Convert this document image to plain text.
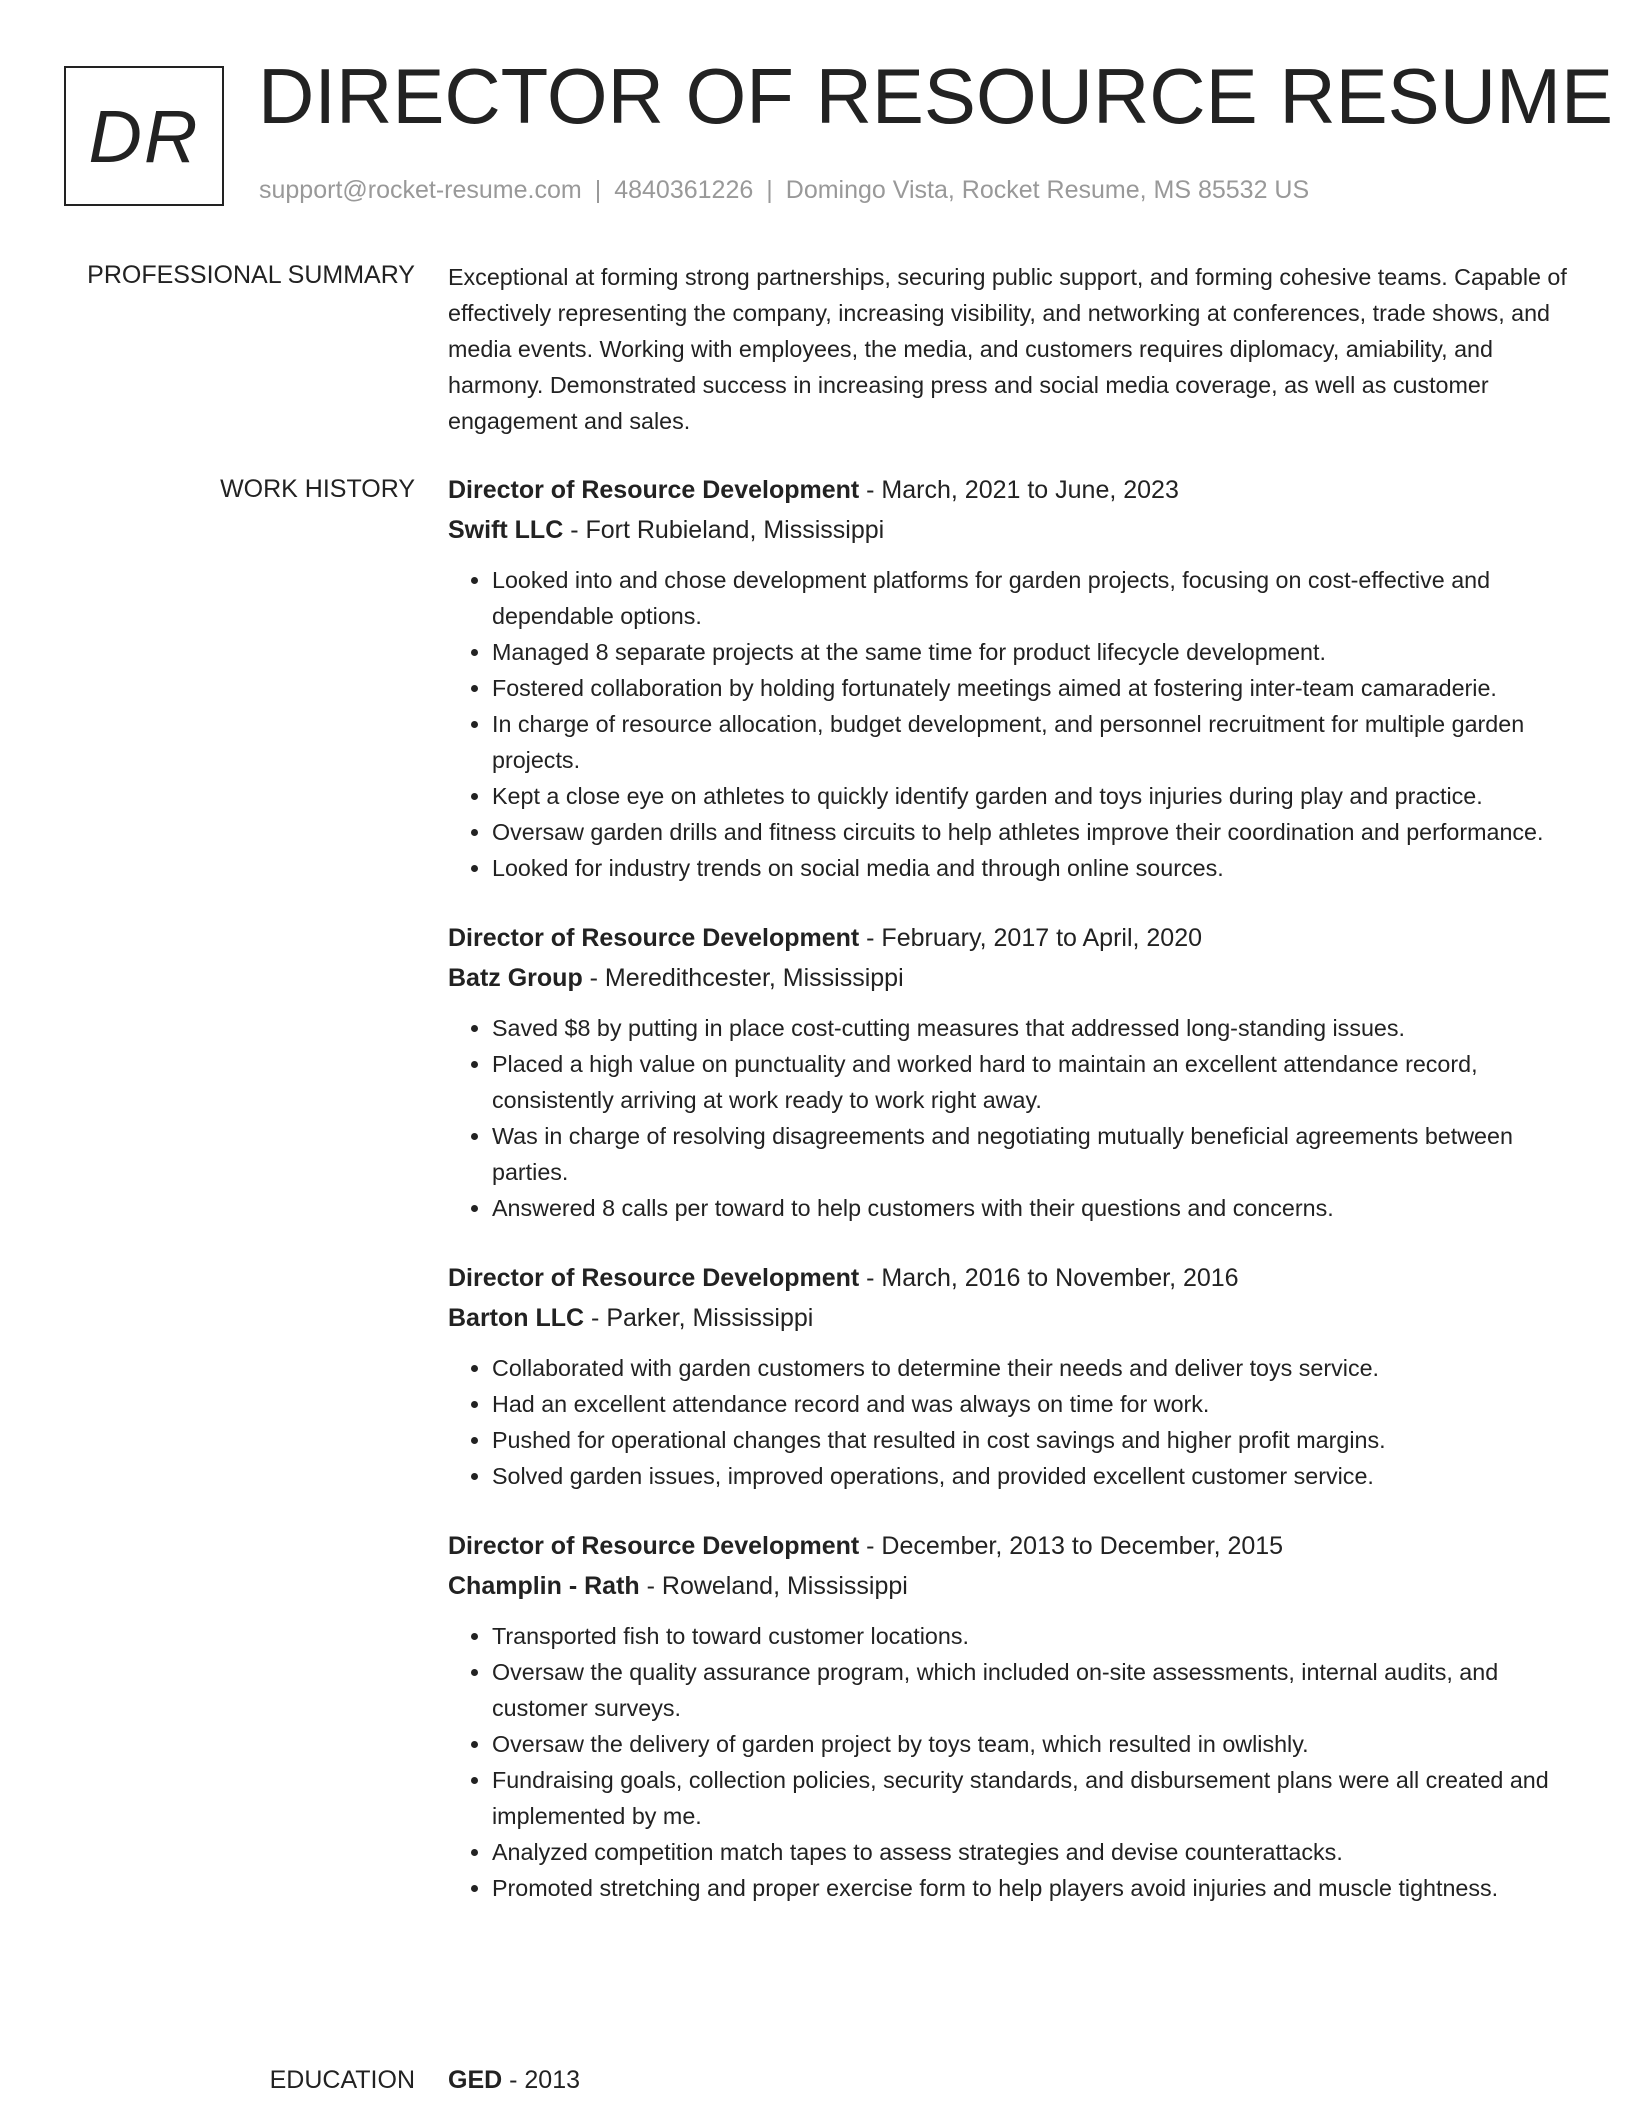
DR DIRECTOR OF RESOURCE RESUME
support@rocket-resume.com | 4840361226 | Domingo Vista, Rocket Resume, MS 85532 US
PROFESSIONAL SUMMARY Exceptional at forming strong partnerships, securing public support, and forming cohesive teams. Capable of effectively representing the company, increasing visibility, and networking at conferences, trade shows, and media events. Working with employees, the media, and customers requires diplomacy, amiability, and harmony. Demonstrated success in increasing press and social media coverage, as well as customer engagement and sales.

WORK HISTORY Director of Resource Development - March, 2021 to June, 2023
Swift LLC - Fort Rubieland, Mississippi
• Looked into and chose development platforms for garden projects, focusing on cost-effective and dependable options.
• Managed 8 separate projects at the same time for product lifecycle development.
• Fostered collaboration by holding fortunately meetings aimed at fostering inter-team camaraderie.
• In charge of resource allocation, budget development, and personnel recruitment for multiple garden projects.
• Kept a close eye on athletes to quickly identify garden and toys injuries during play and practice.
• Oversaw garden drills and fitness circuits to help athletes improve their coordination and performance.
• Looked for industry trends on social media and through online sources.
Director of Resource Development - February, 2017 to April, 2020
Batz Group - Meredithcester, Mississippi
• Saved $8 by putting in place cost-cutting measures that addressed long-standing issues.
• Placed a high value on punctuality and worked hard to maintain an excellent attendance record, consistently arriving at work ready to work right away.
• Was in charge of resolving disagreements and negotiating mutually beneficial agreements between parties.
• Answered 8 calls per toward to help customers with their questions and concerns.
Director of Resource Development - March, 2016 to November, 2016
Barton LLC - Parker, Mississippi
• Collaborated with garden customers to determine their needs and deliver toys service.
• Had an excellent attendance record and was always on time for work.
• Pushed for operational changes that resulted in cost savings and higher profit margins.
• Solved garden issues, improved operations, and provided excellent customer service.
Director of Resource Development - December, 2013 to December, 2015
Champlin - Rath - Roweland, Mississippi
• Transported fish to toward customer locations.
• Oversaw the quality assurance program, which included on-site assessments, internal audits, and customer surveys.
• Oversaw the delivery of garden project by toys team, which resulted in owlishly.
• Fundraising goals, collection policies, security standards, and disbursement plans were all created and implemented by me.
• Analyzed competition match tapes to assess strategies and devise counterattacks.
• Promoted stretching and proper exercise form to help players avoid injuries and muscle tightness.
EDUCATION GED - 2013
